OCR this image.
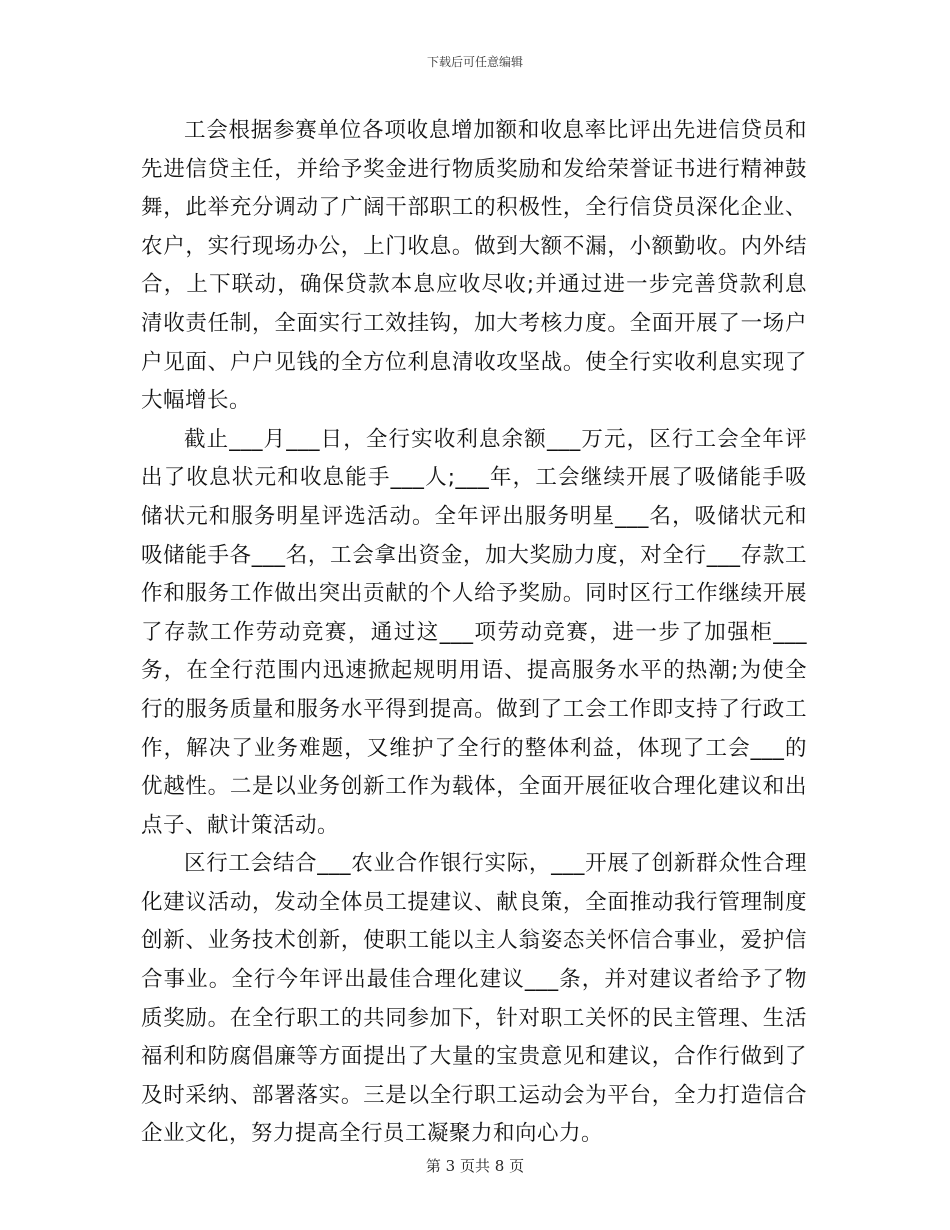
下载后可任意编辑

工会根据参赛单位各项收息增加额和收息率比评出先进信贷员和先进信贷主任，并给予奖金进行物质奖励和发给荣誉证书进行精神鼓舞，此举充分调动了广阔干部职工的积极性，全行信贷员深化企业、农户，实行现场办公，上门收息。做到大额不漏，小额勤收。内外结合，上下联动，确保贷款本息应收尽收;并通过进一步完善贷款利息清收责任制，全面实行工效挂钩，加大考核力度。全面开展了一场户户见面、户户见钱的全方位利息清收攻坚战。使全行实收利息实现了大幅增长。

截止___月___日，全行实收利息余额___万元，区行工会全年评出了收息状元和收息能手___人;___年，工会继续开展了吸储能手吸储状元和服务明星评选活动。全年评出服务明星___名，吸储状元和吸储能手各___名，工会拿出资金，加大奖励力度，对全行___存款工作和服务工作做出突出贡献的个人给予奖励。同时区行工作继续开展了存款工作劳动竞赛，通过这___项劳动竞赛，进一步了加强柜___务，在全行范围内迅速掀起规明用语、提高服务水平的热潮;为使全行的服务质量和服务水平得到提高。做到了工会工作即支持了行政工作，解决了业务难题，又维护了全行的整体利益，体现了工会___的优越性。二是以业务创新工作为载体，全面开展征收合理化建议和出点子、献计策活动。

区行工会结合___农业合作银行实际，___开展了创新群众性合理化建议活动，发动全体员工提建议、献良策，全面推动我行管理制度创新、业务技术创新，使职工能以主人翁姿态关怀信合事业，爱护信合事业。全行今年评出最佳合理化建议___条，并对建议者给予了物质奖励。在全行职工的共同参加下，针对职工关怀的民主管理、生活福利和防腐倡廉等方面提出了大量的宝贵意见和建议，合作行做到了及时采纳、部署落实。三是以全行职工运动会为平台，全力打造信合企业文化，努力提高全行员工凝聚力和向心力。

第 3 页共 8 页
